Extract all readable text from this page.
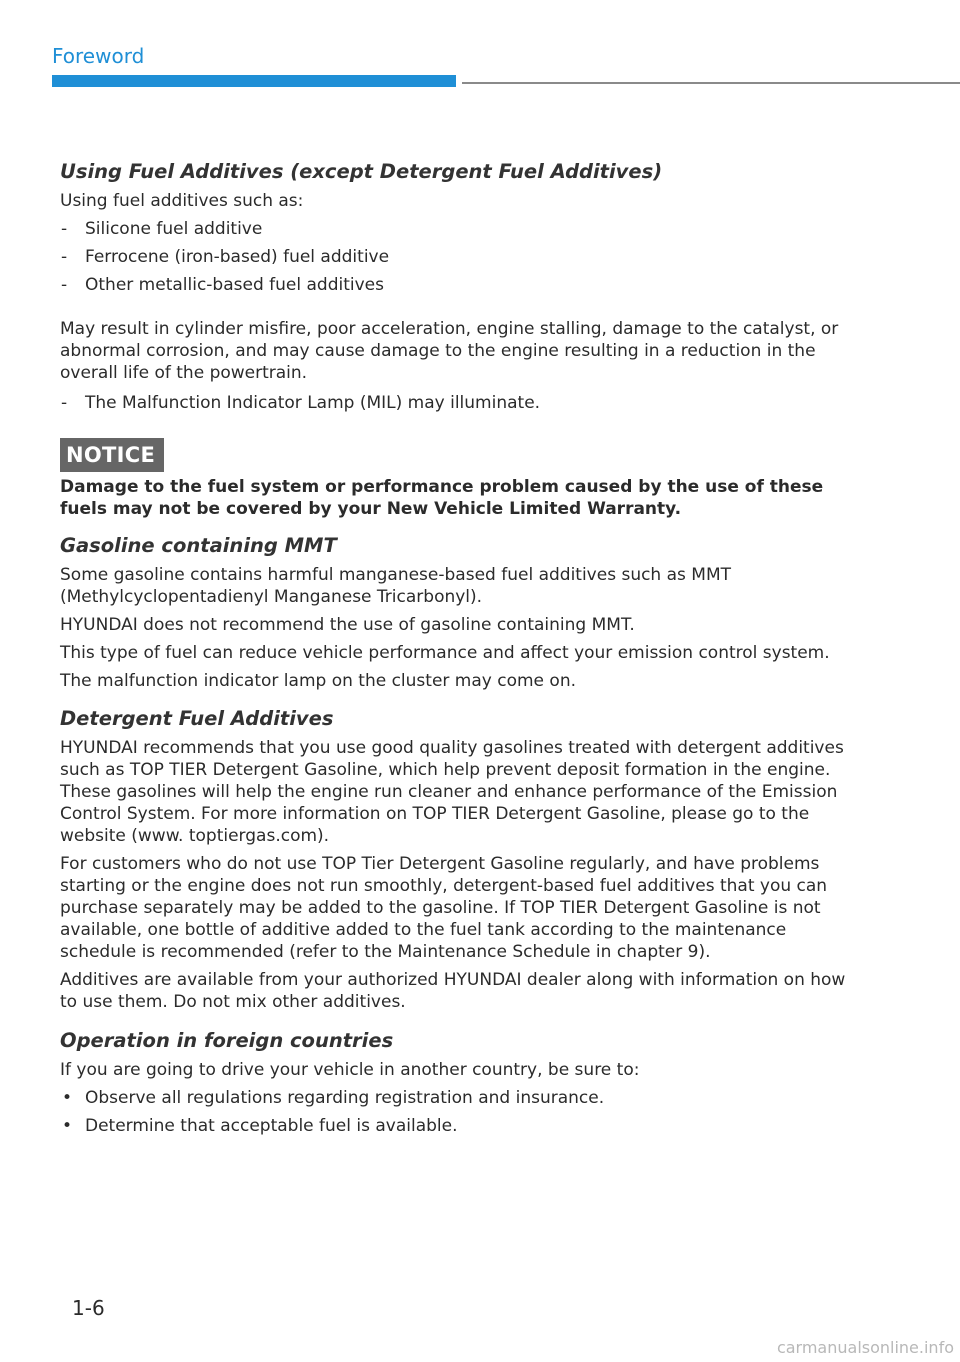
Foreword
Using Fuel Additives (except Detergent Fuel Additives)

Using fuel additives such as:

- Silicone fuel additive
- Ferrocene (iron-based) fuel additive
- Other metallic-based fuel additives

May result in cylinder misfire, poor acceleration, engine stalling, damage to the catalyst, or abnormal corrosion, and may cause damage to the engine resulting in a reduction in the overall life of the powertrain.

- The Malfunction Indicator Lamp (MIL) may illuminate.
NOTICE

Damage to the fuel system or performance problem caused by the use of these fuels may not be covered by your New Vehicle Limited Warranty.

Gasoline containing MMT

Some gasoline contains harmful manganese-based fuel additives such as MMT (Methylcyclopentadienyl Manganese Tricarbonyl).

HYUNDAI does not recommend the use of gasoline containing MMT.

This type of fuel can reduce vehicle performance and affect your emission control system.

The malfunction indicator lamp on the cluster may come on.

Detergent Fuel Additives

HYUNDAI recommends that you use good quality gasolines treated with detergent additives such as TOP TIER Detergent Gasoline, which help prevent deposit formation in the engine. These gasolines will help the engine run cleaner and enhance performance of the Emission Control System. For more information on TOP TIER Detergent Gasoline, please go to the website (www. toptiergas.com).

For customers who do not use TOP Tier Detergent Gasoline regularly, and have problems starting or the engine does not run smoothly, detergent-based fuel additives that you can purchase separately may be added to the gasoline. If TOP TIER Detergent Gasoline is not available, one bottle of additive added to the fuel tank according to the maintenance schedule is recommended (refer to the Maintenance Schedule in chapter 9).

Additives are available from your authorized HYUNDAI dealer along with information on how to use them. Do not mix other additives.

Operation in foreign countries

If you are going to drive your vehicle in another country, be sure to:

• Observe all regulations regarding registration and insurance.
• Determine that acceptable fuel is available.
1-6
carmanualsonline.info
